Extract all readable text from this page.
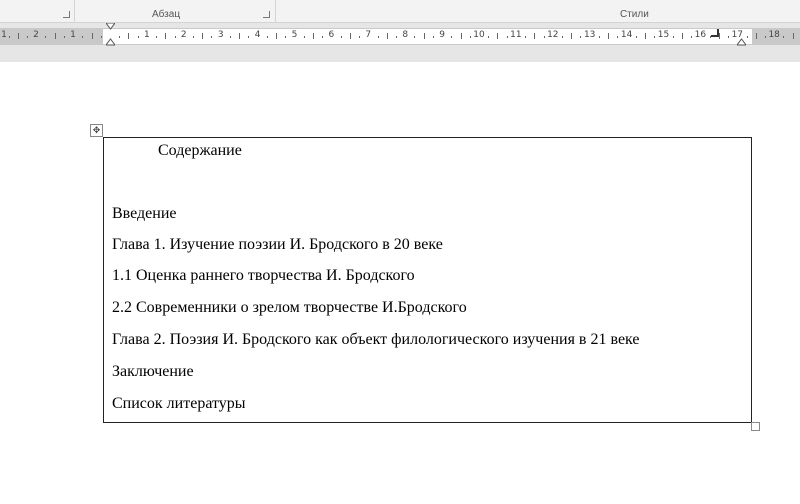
Абзац	Стили
1	2	1	1	2	3	4	5	6	7	8	9	10	11	12	13	14	15	16	17	18
✥
Содержание
Введение
Глава 1. Изучение поэзии И. Бродского в 20 веке
1.1 Оценка раннего творчества И. Бродского
2.2 Современники о зрелом творчестве И.Бродского
Глава 2. Поэзия И. Бродского как объект филологического изучения в 21 веке
Заключение
Список литературы
